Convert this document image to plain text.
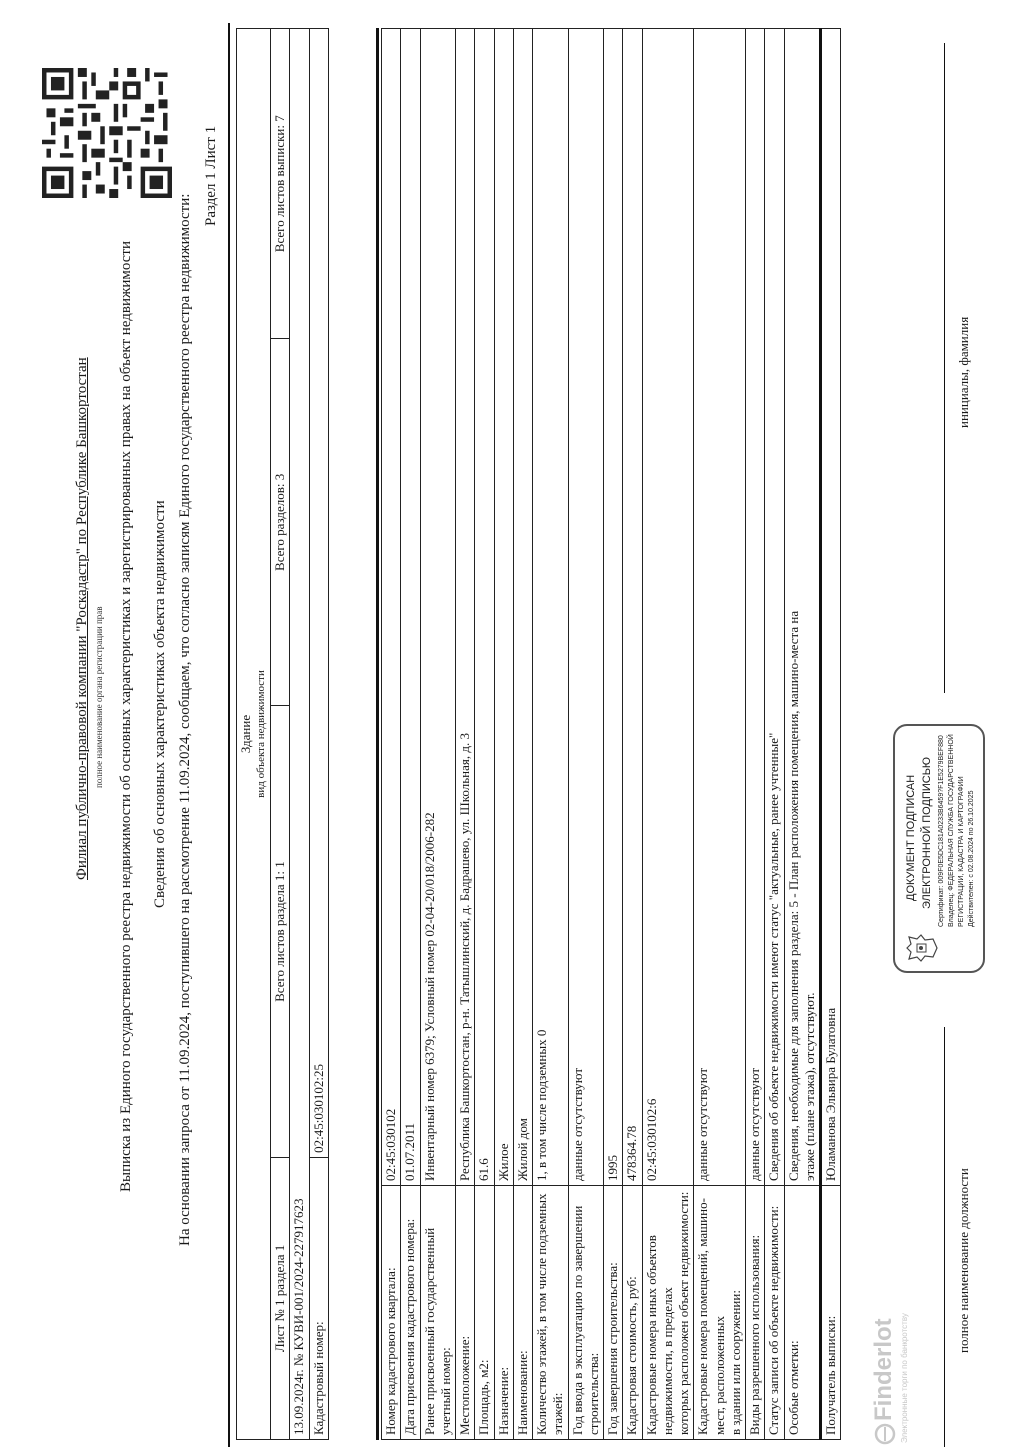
Филиал публично-правовой компании "Роскадастр" по Республике Башкортостан полное наименование органа регистрации прав Выписка из Единого государственного реестра недвижимости об основных характеристиках и зарегистрированных правах на объект недвижимости Сведения об основных характеристиках объекта недвижимости На основании запроса от 11.09.2024, поступившего на рассмотрение 11.09.2024, сообщаем, что согласно записям Единого государственного реестра недвижимости:
Раздел 1 Лист 1
Здание			
вид объекта недвижимости			
Лист № 1 раздела 1	Всего листов раздела 1: 1	Всего разделов: 3	Всего листов выписки: 7
13.09.2024г. № КУВИ-001/2024-227917623			
Кадастровый номер:	02:45:030102:25		
Номер кадастрового квартала:	02:45:030102
Дата присвоения кадастрового номера:	01.07.2011
Ранее присвоенный государственный учетный номер:	Инвентарный номер 6379; Условный номер 02-04-20/018/2006-282
Местоположение:	Республика Башкортостан, р-н. Татышлинский, д. Бадрашево, ул. Школьная, д. 3
Площадь, м2:	61.6
Назначение:	Жилое
Наименование:	Жилой дом
Количество этажей, в том числе подземных этажей:	1, в том числе подземных 0
Год ввода в эксплуатацию по завершении строительства:	данные отсутствуют
Год завершения строительства:	1995
Кадастровая стоимость, руб:	478364.78

Кадастровые номера иных объектов недвижимости, в пределах которых расположен объект недвижимости:	02:45:030102:6

Кадастровые номера помещений, машино-мест, расположенных в здании или сооружении:	данные отсутствуют
Виды разрешенного использования:	данные отсутствуют
Статус записи об объекте недвижимости:	Сведения об объекте недвижимости имеют статус "актуальные, ранее учтенные"
Особые отметки:	Сведения, необходимые для заполнения раздела: 5 - План расположения помещения, машино-места на этаже (плане этажа), отсутствуют.

Получатель выписки:	Юламанова Эльвира Булатовна
ДОКУМЕНТ ПОДПИСАН ЭЛЕКТРОННОЙ ПОДПИСЬЮ Сертификат: 009F0E5DC181A0233B6459?F1E5279BEF880 Владелец: ФЕДЕРАЛЬНАЯ СЛУЖБА ГОСУДАРСТВЕННОЙ РЕГИСТРАЦИИ, КАДАСТРА И КАРТОГРАФИИ Действителен: с 02.08.2024 по 26.10.2025
полное наименование должности
инициалы, фамилия
Finderlot Электронные торги по банкротству
